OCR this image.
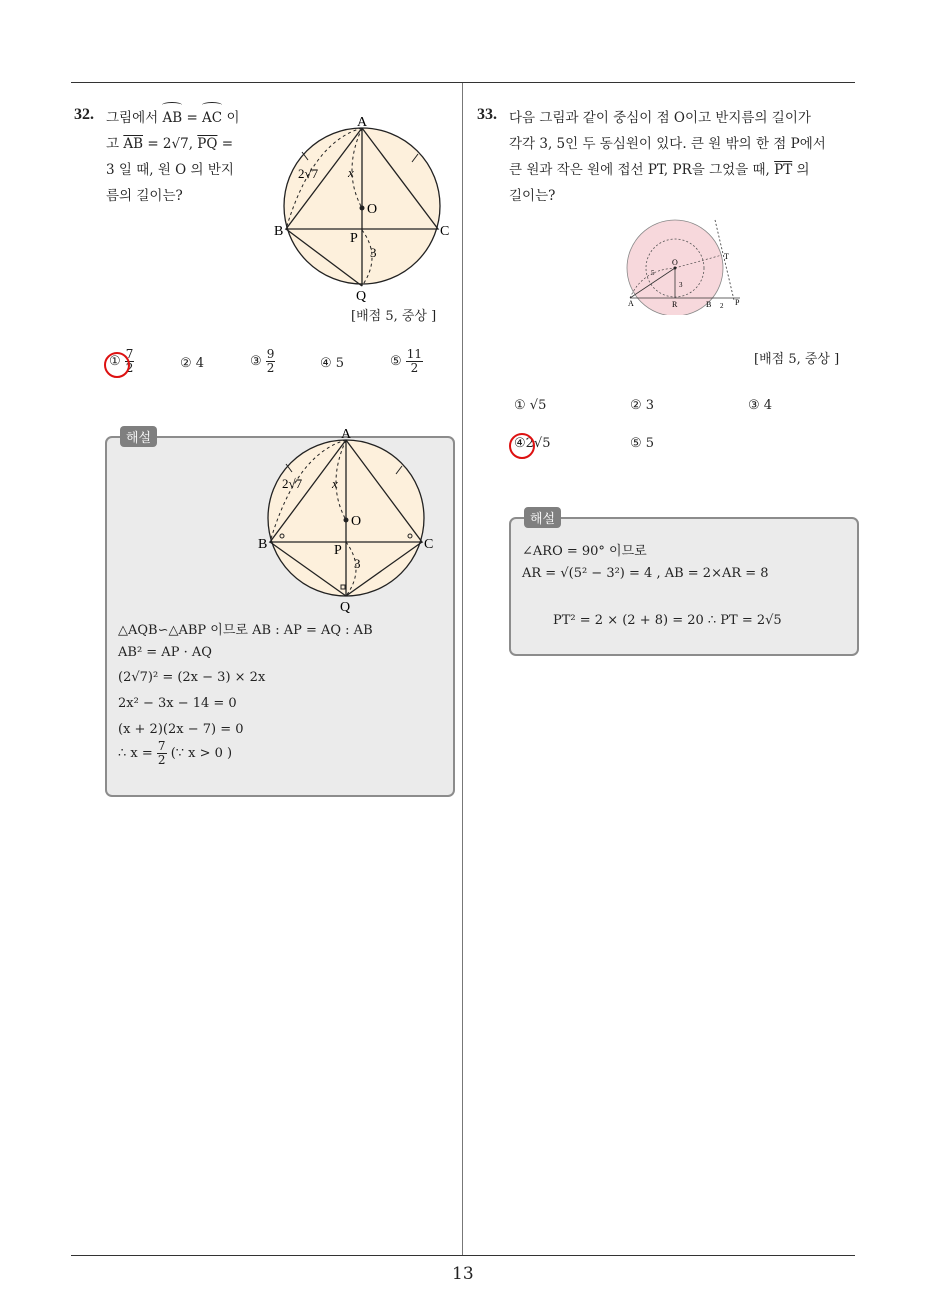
13
32. 그림에서 AB = AC 이
고 $\overline{AB} = 2√7$, $\overline{PQ}$ =
3 일 때, 원 O 의 반지
름의 길이는?
A
B	C
O
P
Q
2√7 x
3
[배점 5, 중상 ]
① $\frac{7}{2}$	② 4	③ $\frac{9}{2}$	④ 5	⑤ $\frac{11}{2}$
해설	A
B	C
O
P
Q
2√7 x
3
△AQB∽△ABP 이므로 AB : AP = AQ : AB
AB² = AP · AQ
(2√7)² = (2x − 3) × 2x
2x² − 3x − 14 = 0
(x + 2)(2x − 7) = 0
∴ $x = \frac{7}{2}$ (∵ x > 0 )
33. 다음 그림과 같이 중심이 점 O이고 반지름의 길이가
각각 3, 5인 두 동심원이 있다. 큰 원 밖의 한 점 P에서
큰 원과 작은 원에 접선 PT, PR을 그었을 때, $\overline{PT}$ 의
길이는?
O
A	R	B	P
T
5
3
2
[배점 5, 중상 ]
① √5	② 3	③ 4
④2√5	⑤ 5
해설
∠ARO = 90° 이므로
AR = √(5² − 3²) = 4 , AB = 2×AR = 8
PT² = 2 × (2 + 8) = 20 ∴ PT = 2√5
